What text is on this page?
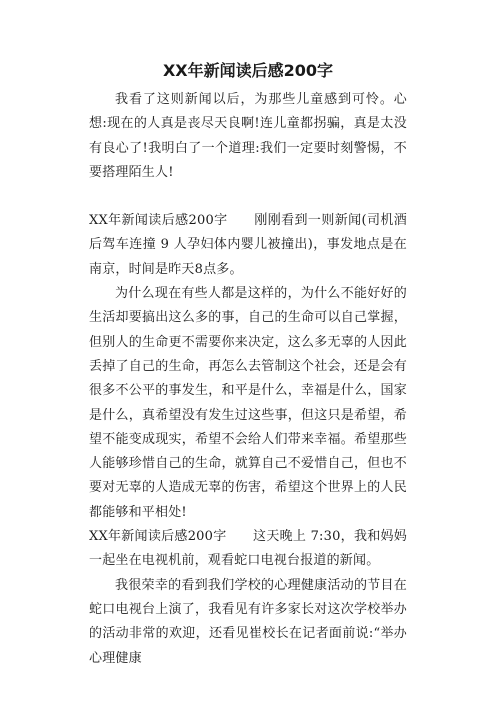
XX年新闻读后感200字

我看了这则新闻以后，为那些儿童感到可怜。心想:现在的人真是丧尽天良啊!连儿童都拐骗，真是太没有良心了!我明白了一个道理:我们一定要时刻警惕，不要搭理陌生人!

XX年新闻读后感200字　　刚刚看到一则新闻(司机酒后驾车连撞 9 人孕妇体内婴儿被撞出)，事发地点是在南京，时间是昨天8点多。

为什么现在有些人都是这样的，为什么不能好好的生活却要搞出这么多的事，自己的生命可以自己掌握，但别人的生命更不需要你来决定，这么多无辜的人因此丢掉了自己的生命，再怎么去管制这个社会，还是会有很多不公平的事发生，和平是什么，幸福是什么，国家是什么，真希望没有发生过这些事，但这只是希望，希望不能变成现实，希望不会给人们带来幸福。希望那些人能够珍惜自己的生命，就算自己不爱惜自己，但也不要对无辜的人造成无辜的伤害，希望这个世界上的人民都能够和平相处!

XX年新闻读后感200字　　这天晚上 7:30，我和妈妈一起坐在电视机前，观看蛇口电视台报道的新闻。

我很荣幸的看到我们学校的心理健康活动的节目在蛇口电视台上演了，我看见有许多家长对这次学校举办的活动非常的欢迎，还看见崔校长在记者面前说:“举办心理健康
